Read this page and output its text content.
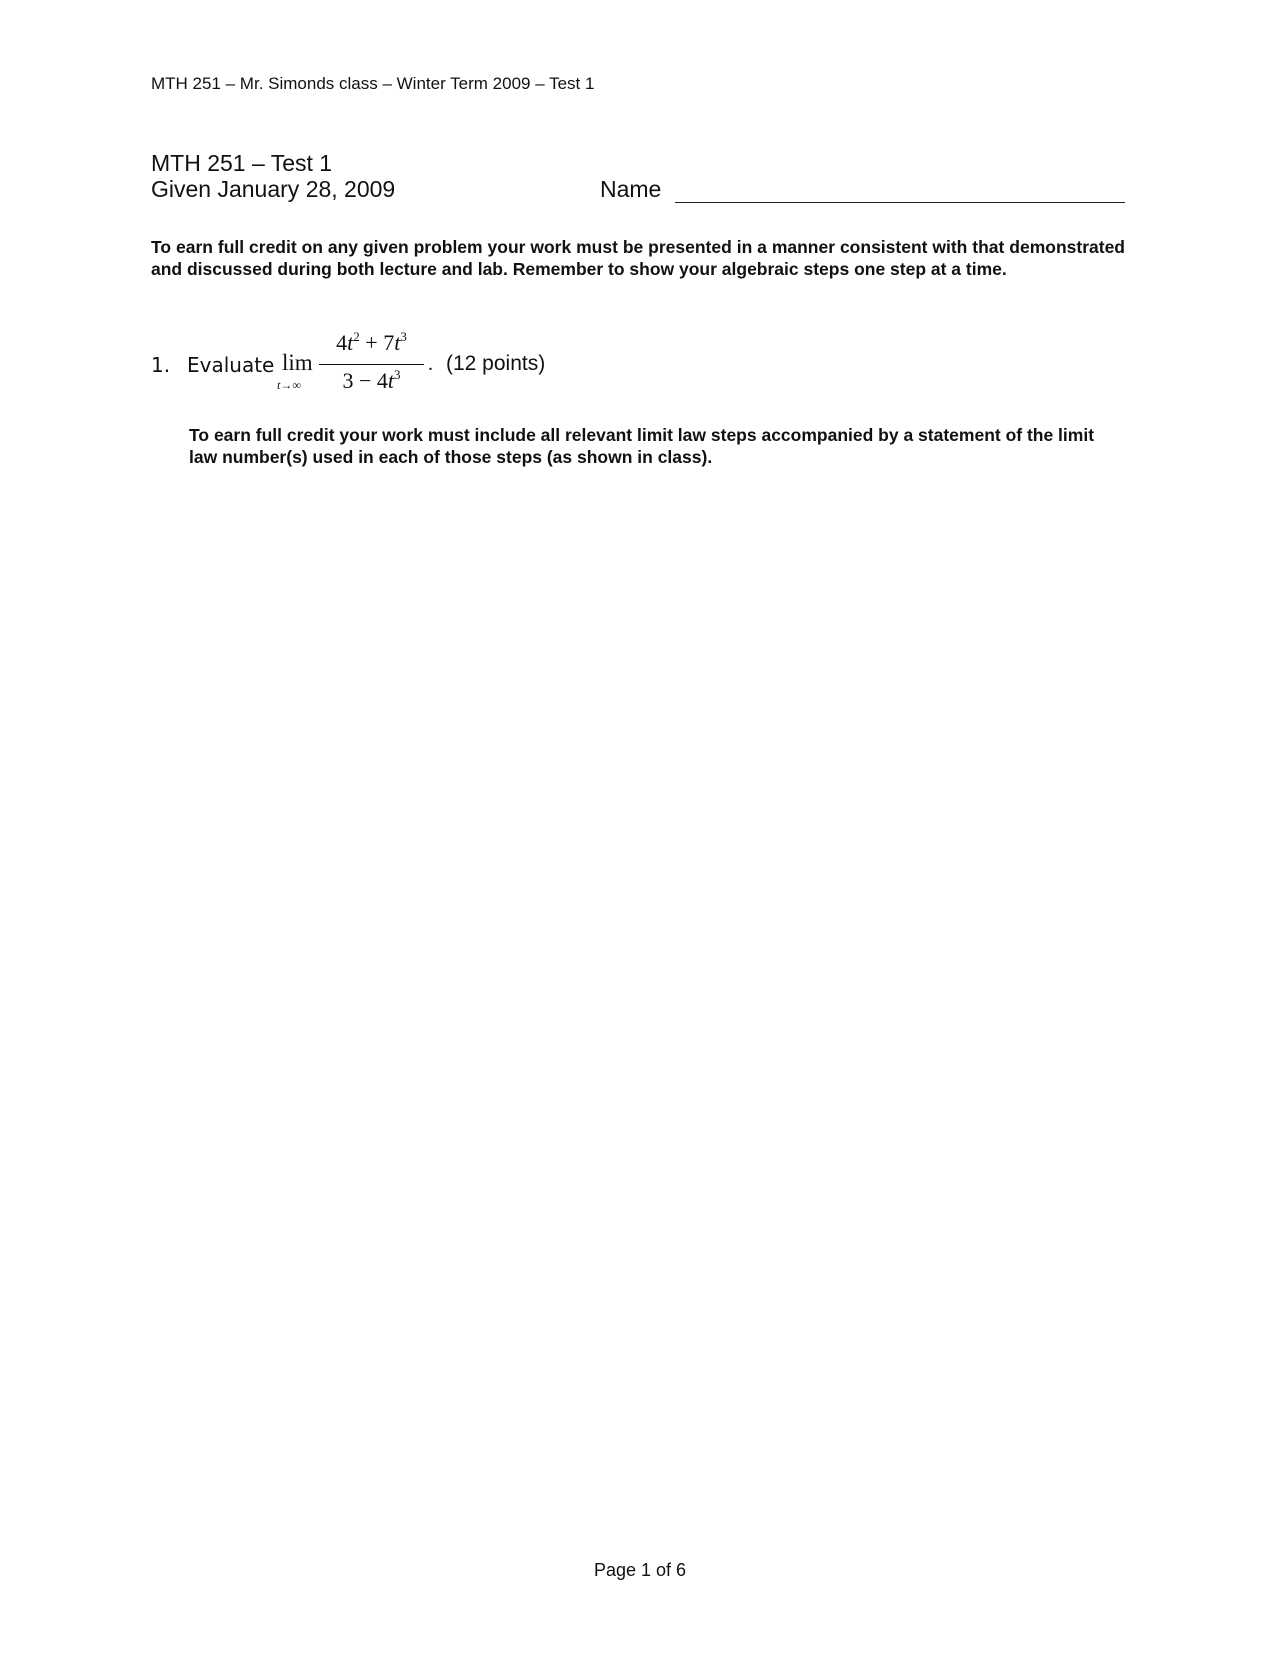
MTH 251 – Mr. Simonds class – Winter Term 2009 – Test 1
MTH 251 – Test 1
Given January 28, 2009	Name
To earn full credit on any given problem your work must be presented in a manner consistent with that demonstrated and discussed during both lecture and lab. Remember to show your algebraic steps one step at a time.
1. Evaluate lim
t→∞
$4t^2 + 7t^3$
$3 - 4t^3$	. (12 points)
To earn full credit your work must include all relevant limit law steps accompanied by a statement of the limit law number(s) used in each of those steps (as shown in class).
Page 1 of 6
